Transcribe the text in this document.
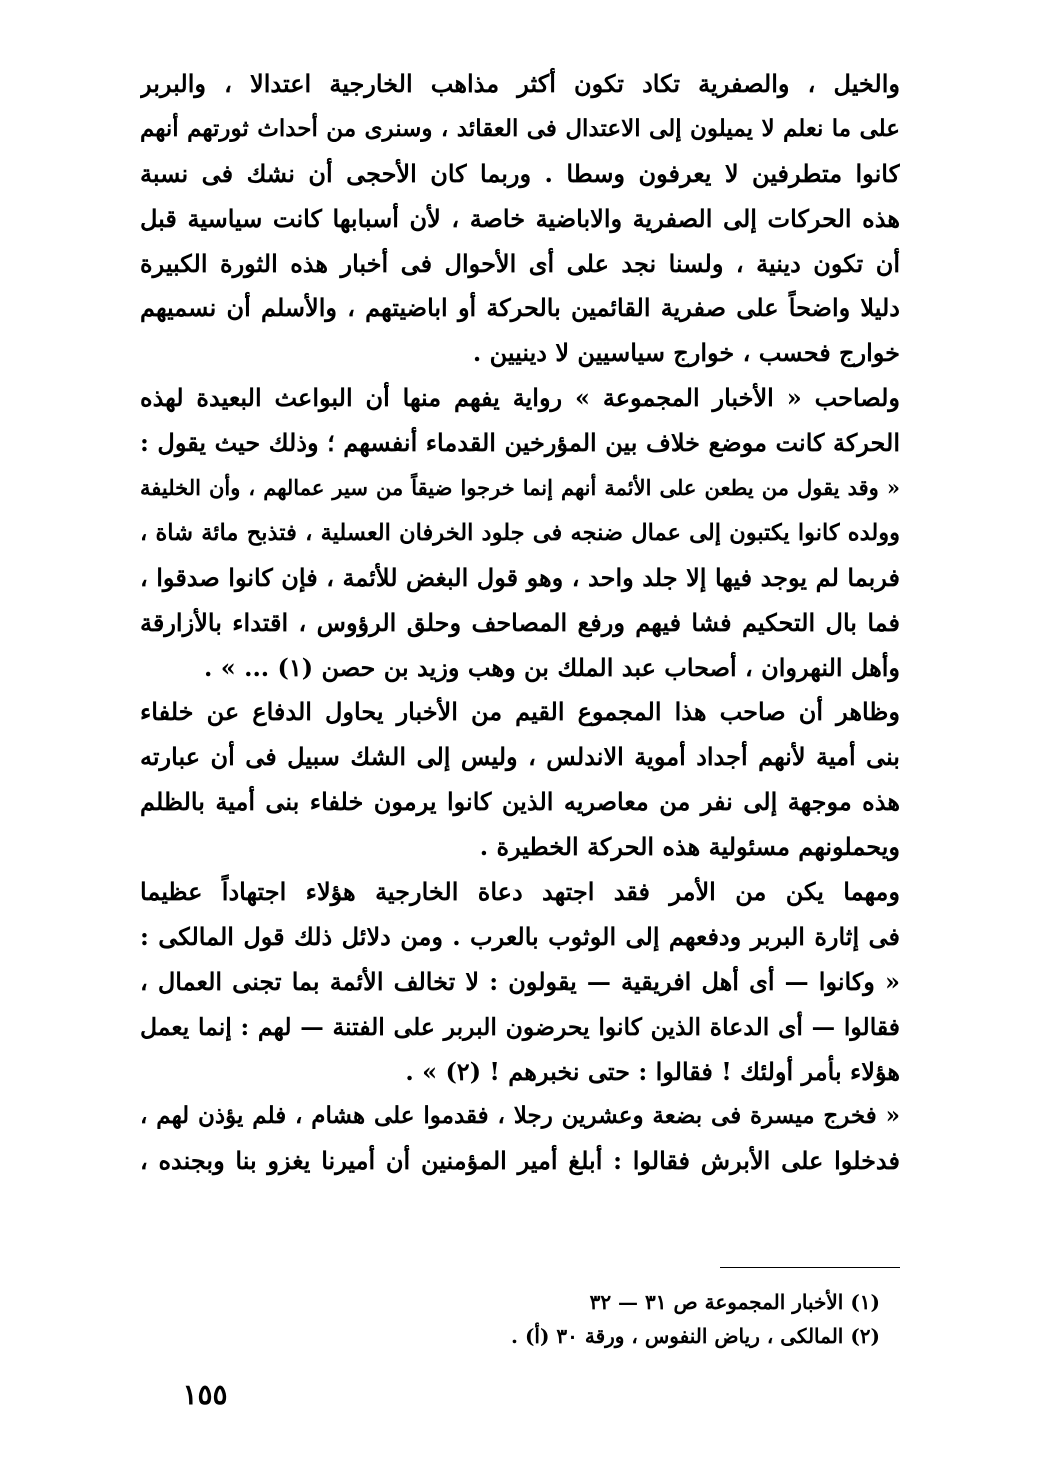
والخيل ، والصفرية تكاد تكون أكثر مذاهب الخارجية اعتدالا ، والبربر
على ما نعلم لا يميلون إلى الاعتدال فى العقائد ، وسنرى من أحداث ثورتهم أنهم
كانوا متطرفين لا يعرفون وسطا . وربما كان الأحجى أن نشك فى نسبة
هذه الحركات إلى الصفرية والاباضية خاصة ، لأن أسبابها كانت سياسية قبل
أن تكون دينية ، ولسنا نجد على أى الأحوال فى أخبار هذه الثورة الكبيرة
دليلا واضحاً على صفرية القائمين بالحركة أو اباضيتهم ، والأسلم أن نسميهم
خوارج فحسب ، خوارج سياسيين لا دينيين .
ولصاحب « الأخبار المجموعة » رواية يفهم منها أن البواعث البعيدة لهذه
الحركة كانت موضع خلاف بين المؤرخين القدماء أنفسهم ؛ وذلك حيث يقول :
« وقد يقول من يطعن على الأئمة أنهم إنما خرجوا ضيقاً من سير عمالهم ، وأن الخليفة
وولده كانوا يكتبون إلى عمال ضنجه فى جلود الخرفان العسلية ، فتذبح مائة شاة ،
فربما لم يوجد فيها إلا جلد واحد ، وهو قول البغض للأئمة ، فإن كانوا صدقوا ،
فما بال التحكيم فشا فيهم ورفع المصاحف وحلق الرؤوس ، اقتداء بالأزارقة
وأهل النهروان ، أصحاب عبد الملك بن وهب وزيد بن حصن (١) ... » .
وظاهر أن صاحب هذا المجموع القيم من الأخبار يحاول الدفاع عن خلفاء
بنى أمية لأنهم أجداد أموية الاندلس ، وليس إلى الشك سبيل فى أن عبارته
هذه موجهة إلى نفر من معاصريه الذين كانوا يرمون خلفاء بنى أمية بالظلم
ويحملونهم مسئولية هذه الحركة الخطيرة .
ومهما يكن من الأمر فقد اجتهد دعاة الخارجية هؤلاء اجتهاداً عظيما
فى إثارة البربر ودفعهم إلى الوثوب بالعرب . ومن دلائل ذلك قول المالكى :
« وكانوا — أى أهل افريقية — يقولون : لا تخالف الأئمة بما تجنى العمال ،
فقالوا — أى الدعاة الذين كانوا يحرضون البربر على الفتنة — لهم : إنما يعمل
هؤلاء بأمر أولئك ! فقالوا : حتى نخبرهم ! (٢) » .
« فخرج ميسرة فى بضعة وعشرين رجلا ، فقدموا على هشام ، فلم يؤذن لهم ،
فدخلوا على الأبرش فقالوا : أبلغ أمير المؤمنين أن أميرنا يغزو بنا وبجنده ،
(١) الأخبار المجموعة ص ٣١ — ٣٢
(٢) المالكى ، رياض النفوس ، ورقة ٣٠ (أ) .
١٥٥
